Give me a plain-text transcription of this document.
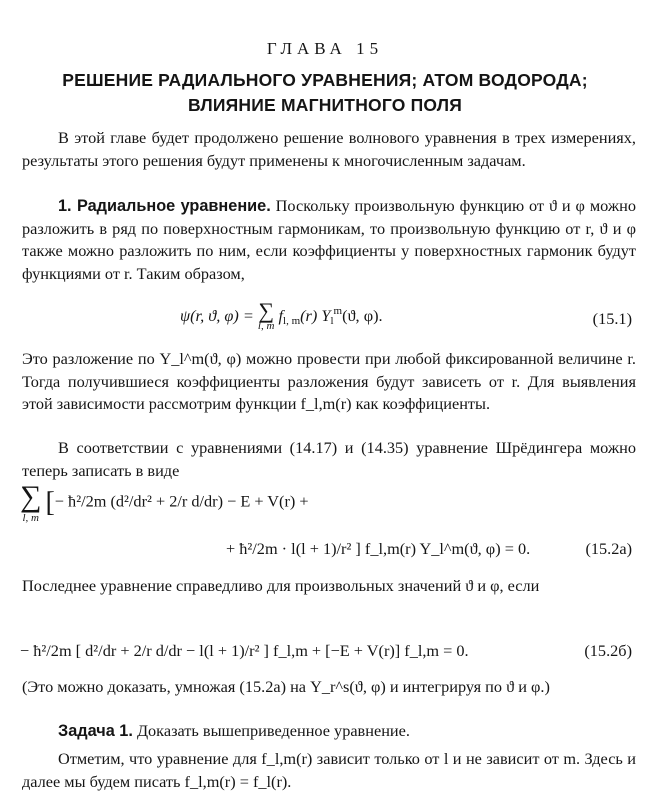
ГЛАВА 15
РЕШЕНИЕ РАДИАЛЬНОГО УРАВНЕНИЯ; АТОМ ВОДОРОДА;
ВЛИЯНИЕ МАГНИТНОГО ПОЛЯ
В этой главе будет продолжено решение волнового уравнения в трех измерениях, результаты этого решения будут применены к многочисленным задачам.
1. Радиальное уравнение. Поскольку произвольную функцию от ϑ и φ можно разложить в ряд по поверхностным гармоникам, то произвольную функцию от r, ϑ и φ также можно разложить по ним, если коэффициенты у поверхностных гармоник будут функциями от r. Таким образом,
ψ(r, ϑ, φ) = ∑
l, m
$f_{l, m}(r)$ $Y_l^m(ϑ$, φ).	(15.1)
Это разложение по Y_l^m(ϑ, φ) можно провести при любой фиксированной величине r. Тогда получившиеся коэффициенты разложения будут зависеть от r. Для выявления этой зависимости рассмотрим функции f_l,m(r) как коэффициенты.
В соответствии с уравнениями (14.17) и (14.35) уравнение Шрёдингера можно теперь записать в виде
∑
l, m
[− ħ²/2m (d²/dr² + 2/r d/dr) − E + V(r) +
+ ħ²/2m · l(l + 1)/r² ] f_l,m(r) Y_l^m(ϑ, φ) = 0.	(15.2а)
Последнее уравнение справедливо для произвольных значений ϑ и φ, если
− ħ²/2m [ d²/dr + 2/r d/dr − l(l + 1)/r² ] f_l,m + [−E + V(r)] f_l,m = 0.	(15.2б)
(Это можно доказать, умножая (15.2а) на Y_r^s(ϑ, φ) и интегрируя по ϑ и φ.)
Задача 1. Доказать вышеприведенное уравнение.
Отметим, что уравнение для f_l,m(r) зависит только от l и не зависит от m. Здесь и далее мы будем писать f_l,m(r) = f_l(r).
